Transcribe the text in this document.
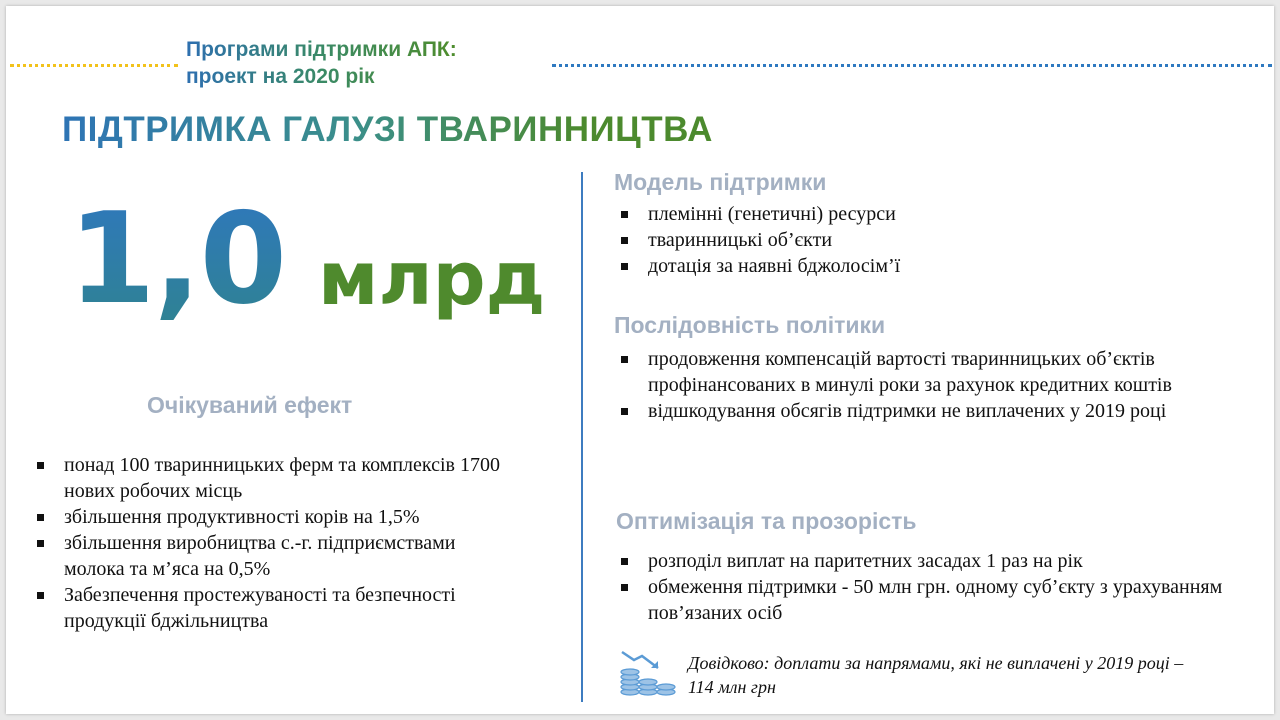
Програми підтримки АПК:
проект на 2020 рік
ПІДТРИМКА ГАЛУЗІ ТВАРИННИЦТВА
1,0 млрд
Очікуваний ефект
понад 100 тваринницьких ферм та комплексів 1700 нових робочих місць
збільшення продуктивності корів на 1,5%
збільшення виробництва с.-г. підприємствами молока та м’яса на 0,5%
Забезпечення простежуваності та безпечності продукції бджільництва
Модель підтримки
племінні (генетичні) ресурси
тваринницькі об’єкти
дотація за наявні бджолосім’ї
Послідовність політики
продовження компенсацій вартості тваринницьких об’єктів профінансованих в минулі роки за рахунок кредитних коштів
відшкодування обсягів підтримки не виплачених у 2019 році
Оптимізація та прозорість
розподіл виплат на паритетних засадах 1 раз на рік
обмеження підтримки - 50 млн грн. одному суб’єкту з урахуванням пов’язаних осіб
Довідково: доплати за напрямами, які не виплачені у 2019 році – 114 млн грн
